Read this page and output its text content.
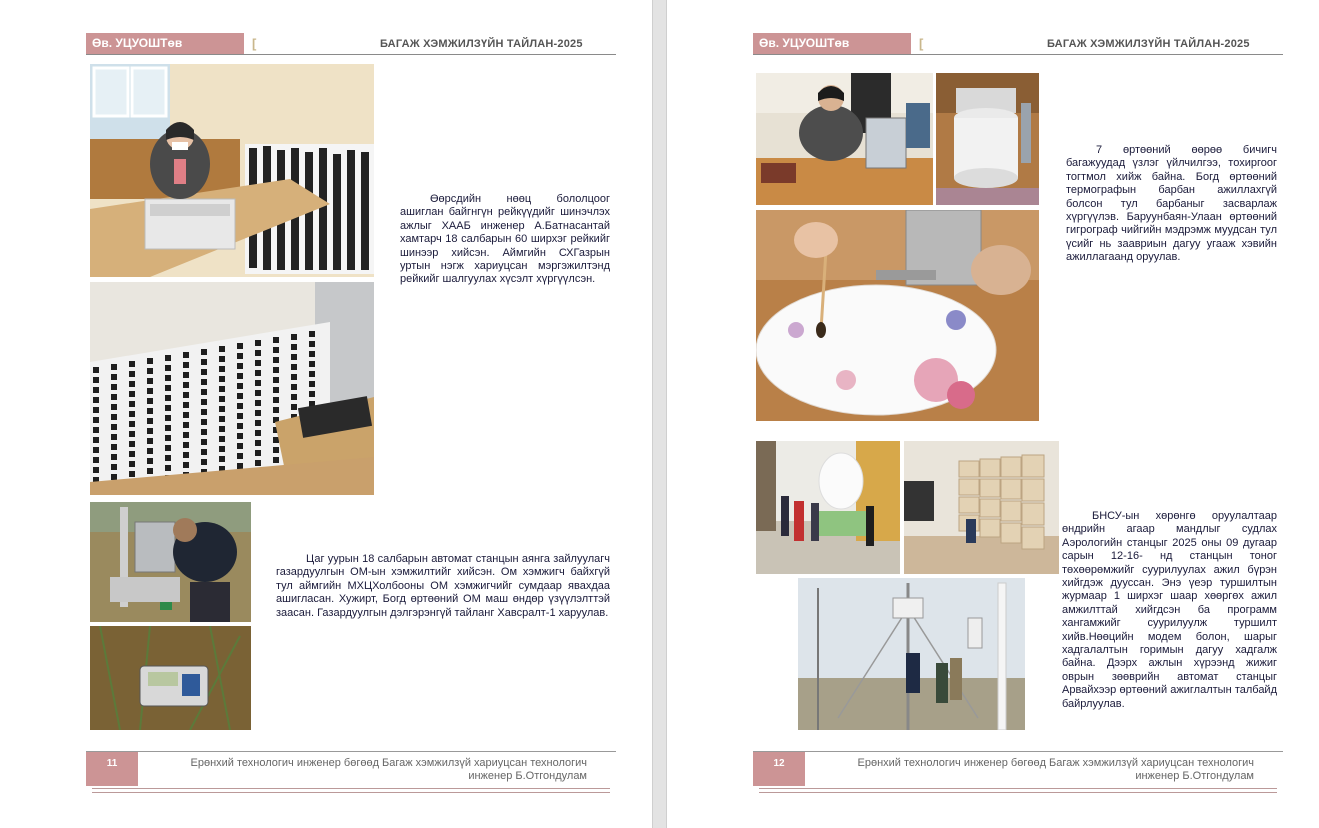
Өв. УЦУОШТөв	[	БАГАЖ ХЭМЖИЛЗҮЙН ТАЙЛАН-2025
Өөрсдийн нөөц бололцоог ашиглан байгнгүн рейкүүдийг шинэчлэх ажлыг ХААБ инженер А.Батнасантай хамтарч 18 салбарын 60 ширхэг рейкийг шинээр хийсэн. Аймгийн СХГазрын уртын нэгж хариуцсан мэргэжилтэнд рейкийг шалгуулах хүсэлт хүргүүлсэн.
Цаг уурын 18 салбарын автомат станцын аянга зайлуулагч газардуулгын ОМ-ын хэмжилтийг хийсэн. Ом хэмжигч байхгүй тул аймгийн МХЦХолбооны ОМ хэмжигчийг сумдаар явахдаа ашигласан. Хужирт, Богд өртөөний ОМ маш өндөр үзүүлэлттэй заасан. Газардуулгын дэлгэрэнгүй тайланг Хавсралт-1 харуулав.
11	Ерөнхий технологич инженер бөгөөд Багаж хэмжилзүй хариуцсан технологич
инженер Б.Отгондулам
Өв. УЦУОШТөв	[	БАГАЖ ХЭМЖИЛЗҮЙН ТАЙЛАН-2025
7 өртөөний өөрөө бичигч багажуудад үзлэг үйлчилгээ, тохиргоог тогтмол хийж байна. Богд өртөөний термографын барбан ажиллахгүй болсон тул барбаныг засварлаж хүргүүлэв. Баруунбаян-Улаан өртөөний гигрограф чийгийн мэдрэмж муудсан тул үсийг нь заавриын дагуу угааж хэвийн ажиллагаанд оруулав.
БНСУ-ын хөрөнгө оруулалтаар өндрийн агаар мандлыг судлах Аэрологийн станцыг 2025 оны 09 дугаар сарын 12-16- нд станцын тоног төхөөрөмжийг суурилуулах ажил бүрэн хийгдэж дууссан. Энэ үеэр туршилтын журмаар 1 ширхэг шаар хөөргөх ажил амжилттай хийгдсэн ба программ хангамжийг суурилуулж туршилт хийв.Нөөцийн модем болон, шарыг хадгалалтын горимын дагуу хадгалж байна. Дээрх ажлын хүрээнд жижиг оврын зөөврийн автомат станцыг Арвайхээр өртөөний ажиглалтын талбайд байрлуулав.
12	Ерөнхий технологич инженер бөгөөд Багаж хэмжилзүй хариуцсан технологич
инженер Б.Отгондулам
